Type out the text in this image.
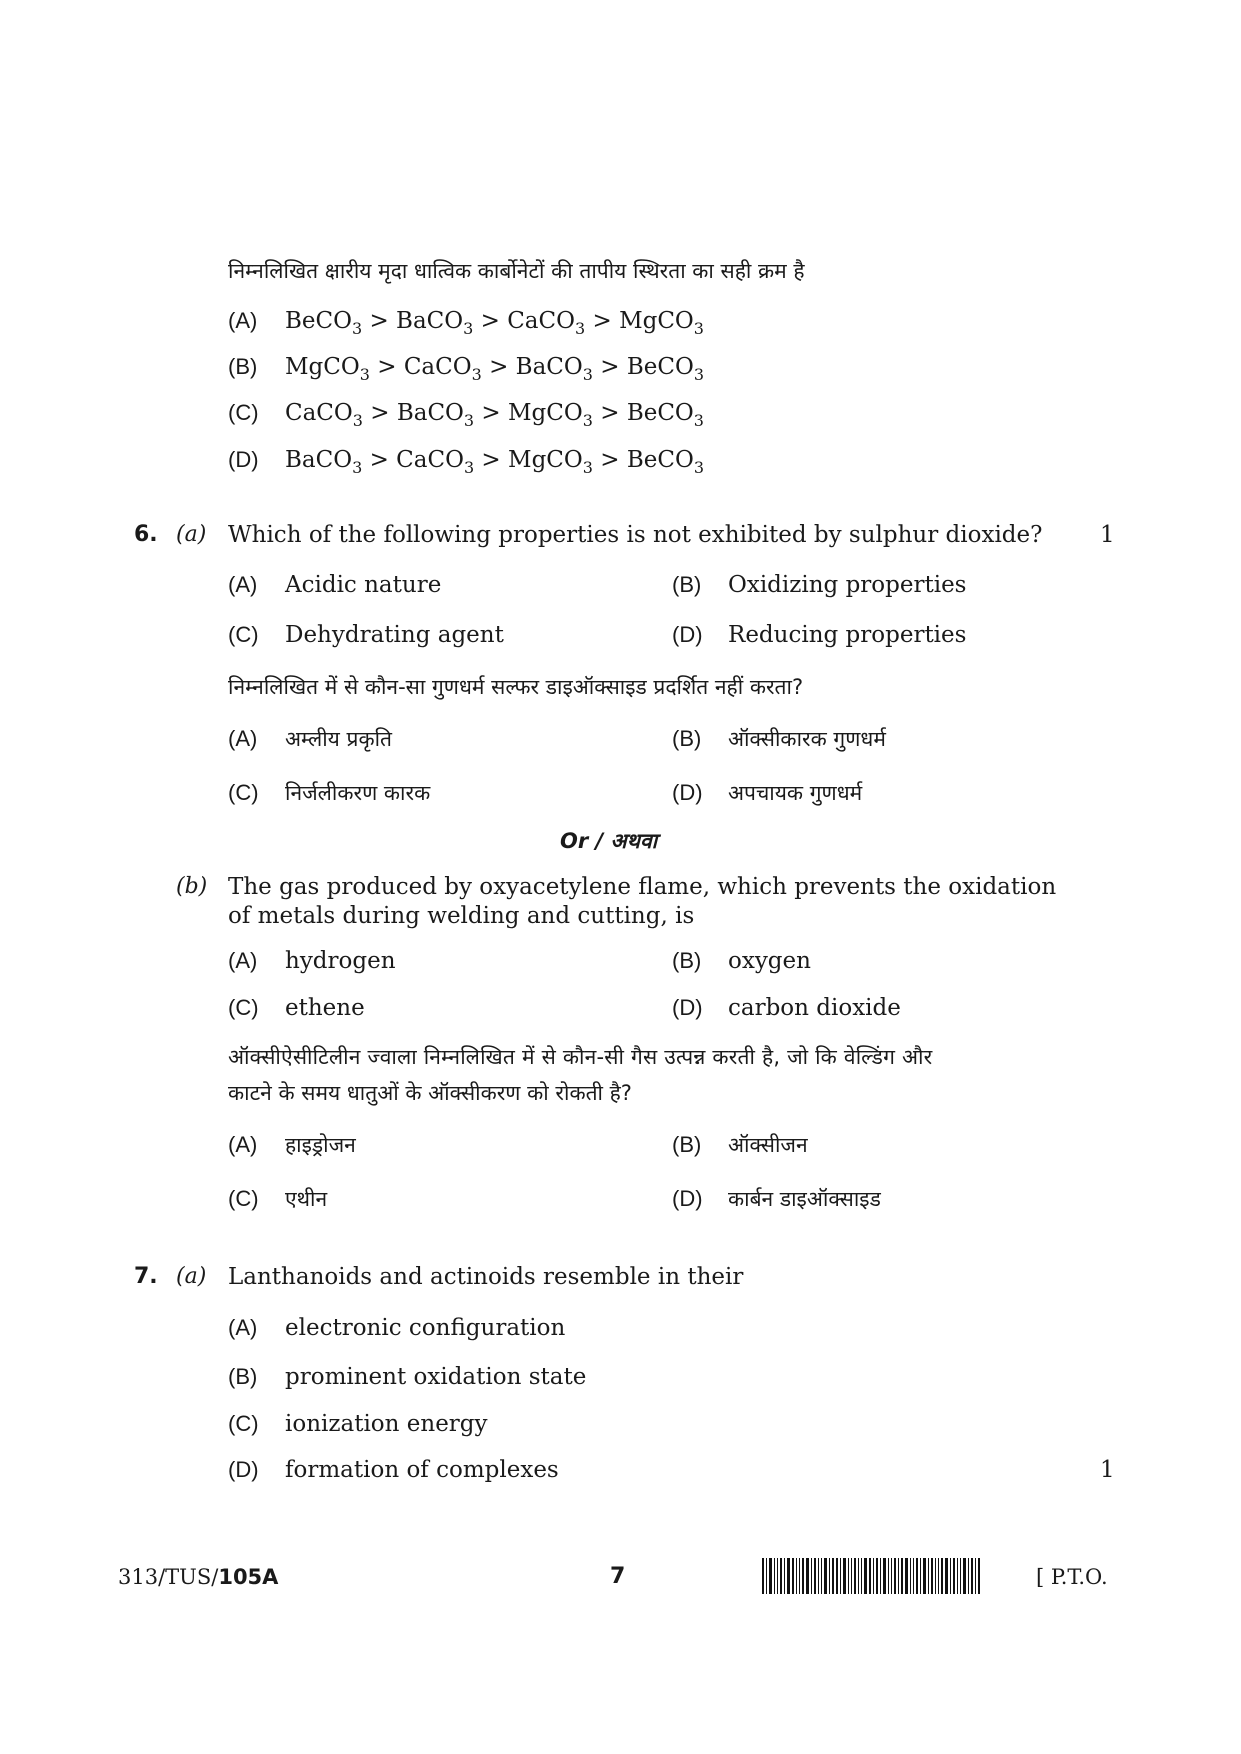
निम्नलिखित क्षारीय मृदा धात्विक कार्बोनेटों की तापीय स्थिरता का सही क्रम है
(A) BeCO$_3$ > BaCO$_3$ > CaCO$_3$ > MgCO$_3$
(B) MgCO$_3$ > CaCO$_3$ > BaCO$_3$ > BeCO$_3$
(C) CaCO$_3$ > BaCO$_3$ > MgCO$_3$ > BeCO$_3$
(D) BaCO$_3$ > CaCO$_3$ > MgCO$_3$ > BeCO$_3$
6. (a) Which of the following properties is not exhibited by sulphur dioxide?	1
(A) Acidic nature	(B) Oxidizing properties
(C) Dehydrating agent	(D) Reducing properties
निम्नलिखित में से कौन-सा गुणधर्म सल्फर डाइऑक्साइड प्रदर्शित नहीं करता?
(A) अम्लीय प्रकृति	(B) ऑक्सीकारक गुणधर्म
(C) निर्जलीकरण कारक	(D) अपचायक गुणधर्म
Or / अथवा
(b) The gas produced by oxyacetylene flame, which prevents the oxidation
of metals during welding and cutting, is
(A) hydrogen	(B) oxygen
(C) ethene	(D) carbon dioxide
ऑक्सीऐसीटिलीन ज्वाला निम्नलिखित में से कौन-सी गैस उत्पन्न करती है, जो कि वेल्डिंग और
काटने के समय धातुओं के ऑक्सीकरण को रोकती है?
(A) हाइड्रोजन	(B) ऑक्सीजन
(C) एथीन	(D) कार्बन डाइऑक्साइड
7. (a) Lanthanoids and actinoids resemble in their
(A) electronic configuration
(B) prominent oxidation state
(C) ionization energy
(D) formation of complexes	1
313/TUS/105A	7	[ P.T.O.
